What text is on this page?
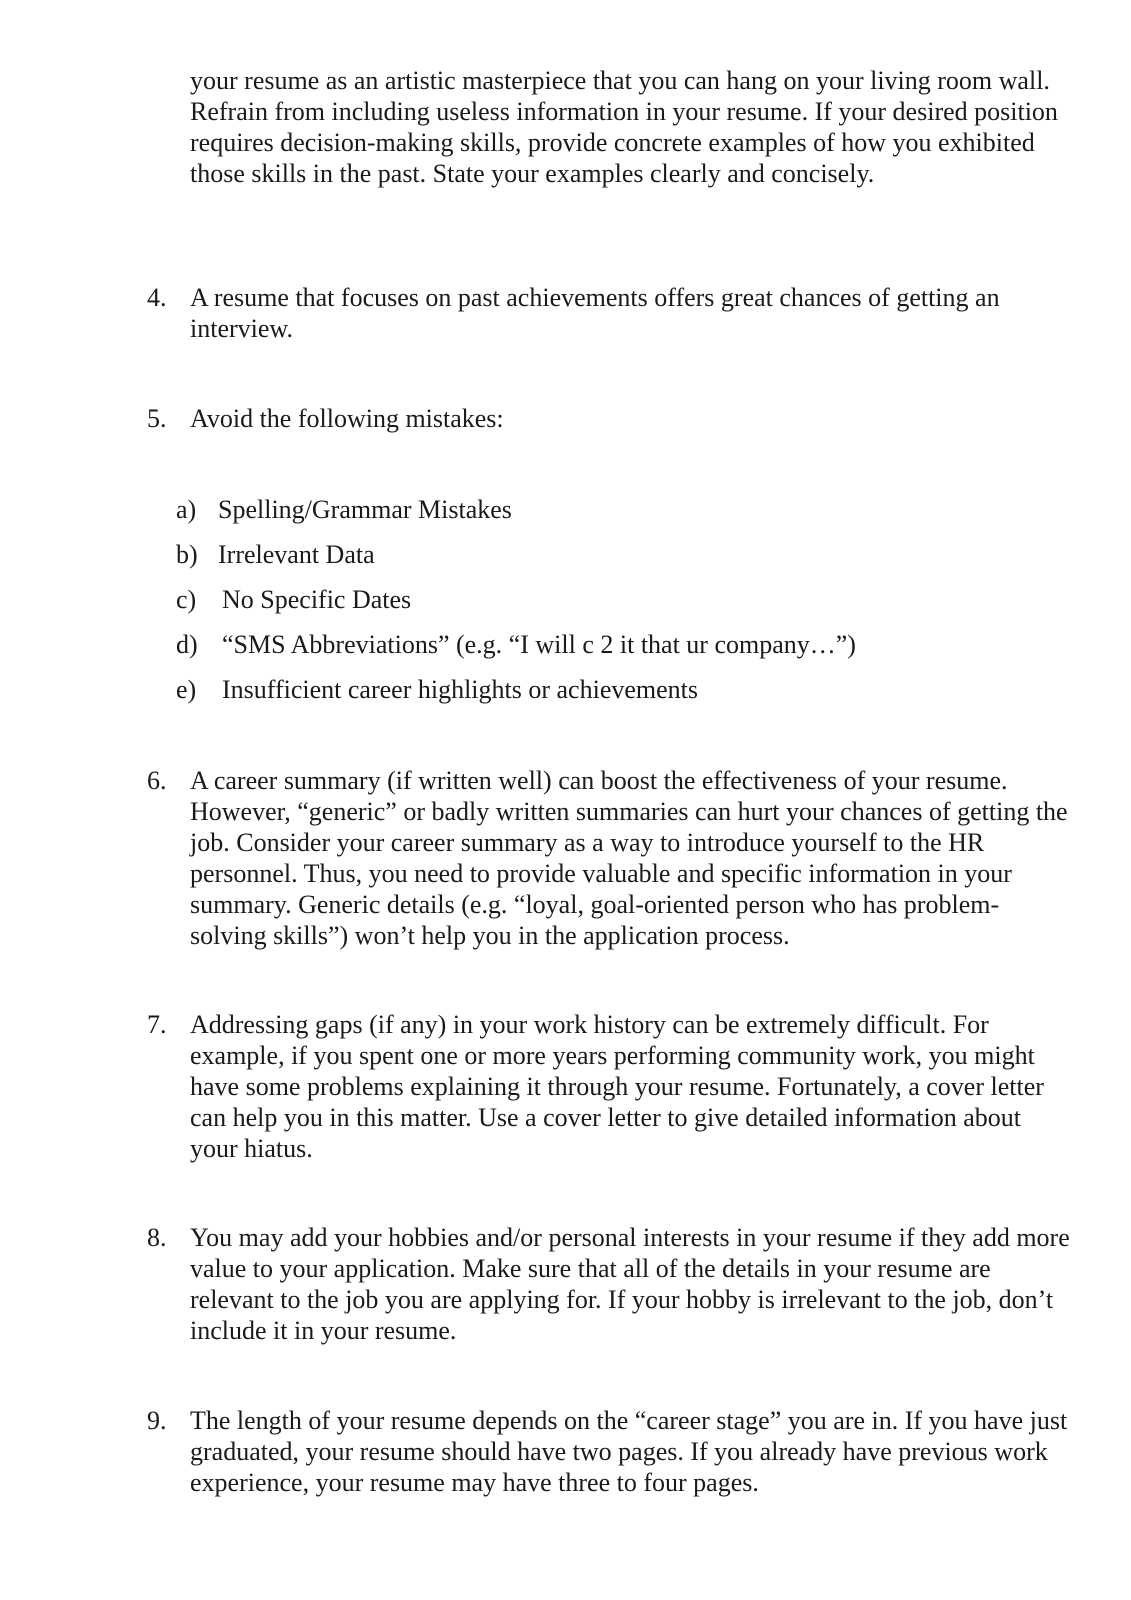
your resume as an artistic masterpiece that you can hang on your living room wall. Refrain from including useless information in your resume. If your desired position requires decision-making skills, provide concrete examples of how you exhibited those skills in the past. State your examples clearly and concisely.

4. A resume that focuses on past achievements offers great chances of getting an interview.

5. Avoid the following mistakes:

a) Spelling/Grammar Mistakes
b) Irrelevant Data
c) No Specific Dates
d) “SMS Abbreviations” (e.g. “I will c 2 it that ur company…”)
e) Insufficient career highlights or achievements
6. A career summary (if written well) can boost the effectiveness of your resume. However, “generic” or badly written summaries can hurt your chances of getting the job. Consider your career summary as a way to introduce yourself to the HR personnel. Thus, you need to provide valuable and specific information in your summary. Generic details (e.g. “loyal, goal-oriented person who has problem-solving skills”) won’t help you in the application process.

7. Addressing gaps (if any) in your work history can be extremely difficult. For example, if you spent one or more years performing community work, you might have some problems explaining it through your resume. Fortunately, a cover letter can help you in this matter. Use a cover letter to give detailed information about your hiatus.

8. You may add your hobbies and/or personal interests in your resume if they add more value to your application. Make sure that all of the details in your resume are relevant to the job you are applying for. If your hobby is irrelevant to the job, don’t include it in your resume.

9. The length of your resume depends on the “career stage” you are in. If you have just graduated, your resume should have two pages. If you already have previous work experience, your resume may have three to four pages.
